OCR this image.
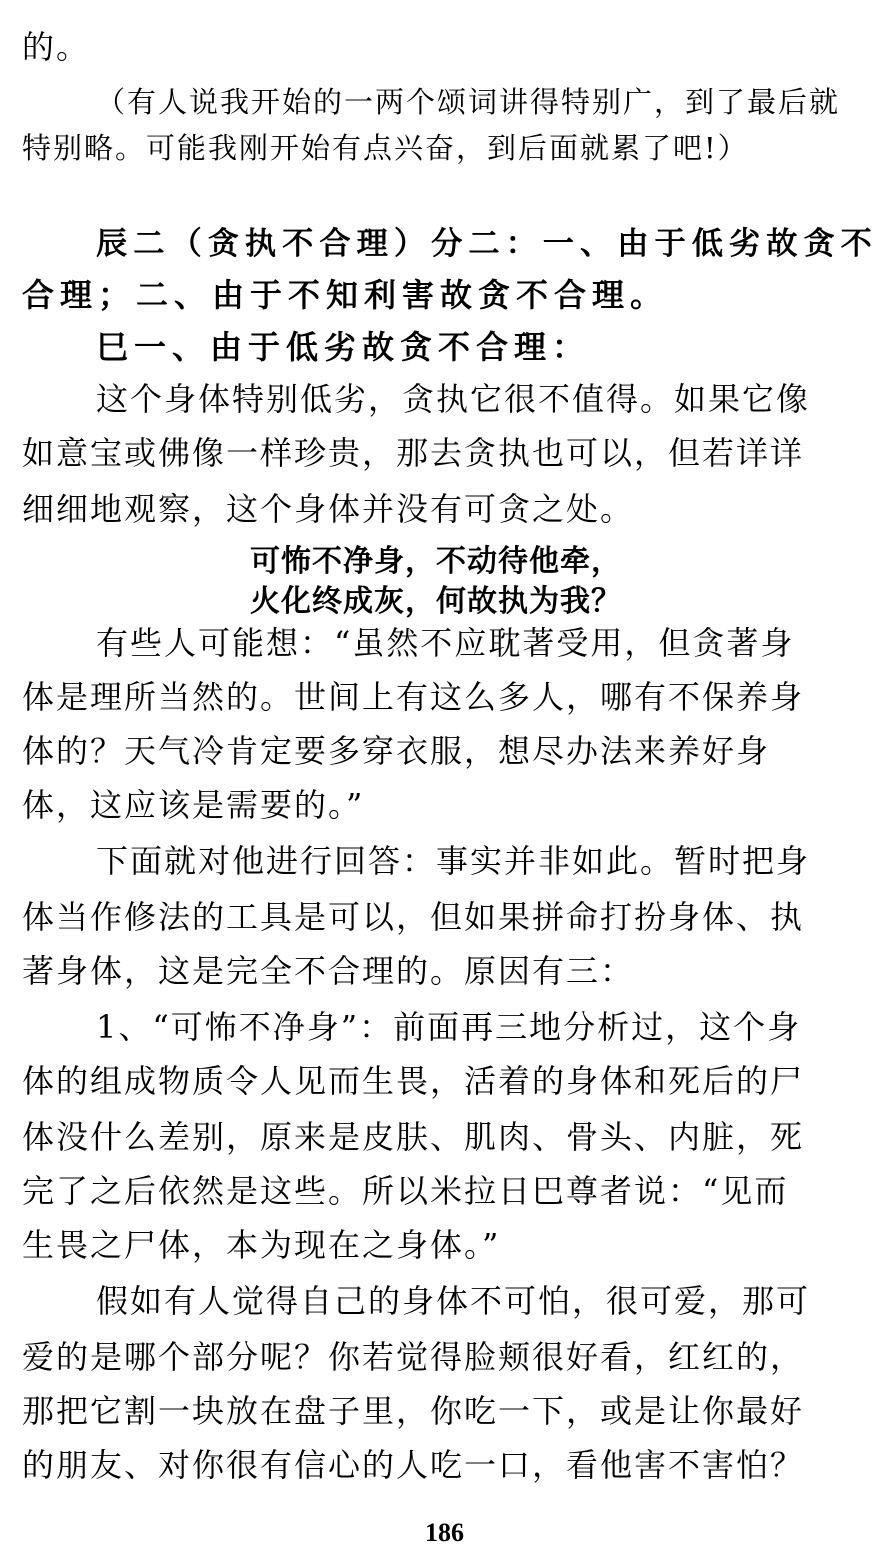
的。

（有人说我开始的一两个颂词讲得特别广，到了最后就

特别略。可能我刚开始有点兴奋，到后面就累了吧!）

辰二（贪执不合理）分二：一、由于低劣故贪不

合理；二、由于不知利害故贪不合理。

巳一、由于低劣故贪不合理：

这个身体特别低劣，贪执它很不值得。如果它像

如意宝或佛像一样珍贵，那去贪执也可以，但若详详

细细地观察，这个身体并没有可贪之处。

可怖不净身，不动待他牵，

火化终成灰，何故执为我？

有些人可能想：“虽然不应耽著受用，但贪著身

体是理所当然的。世间上有这么多人，哪有不保养身

体的？天气冷肯定要多穿衣服，想尽办法来养好身

体，这应该是需要的。”

下面就对他进行回答：事实并非如此。暂时把身

体当作修法的工具是可以，但如果拼命打扮身体、执

著身体，这是完全不合理的。原因有三：

1、“可怖不净身”：前面再三地分析过，这个身

体的组成物质令人见而生畏，活着的身体和死后的尸

体没什么差别，原来是皮肤、肌肉、骨头、内脏，死

完了之后依然是这些。所以米拉日巴尊者说：“见而

生畏之尸体，本为现在之身体。”

假如有人觉得自己的身体不可怕，很可爱，那可

爱的是哪个部分呢？你若觉得脸颊很好看，红红的，

那把它割一块放在盘子里，你吃一下，或是让你最好

的朋友、对你很有信心的人吃一口，看他害不害怕？

186
